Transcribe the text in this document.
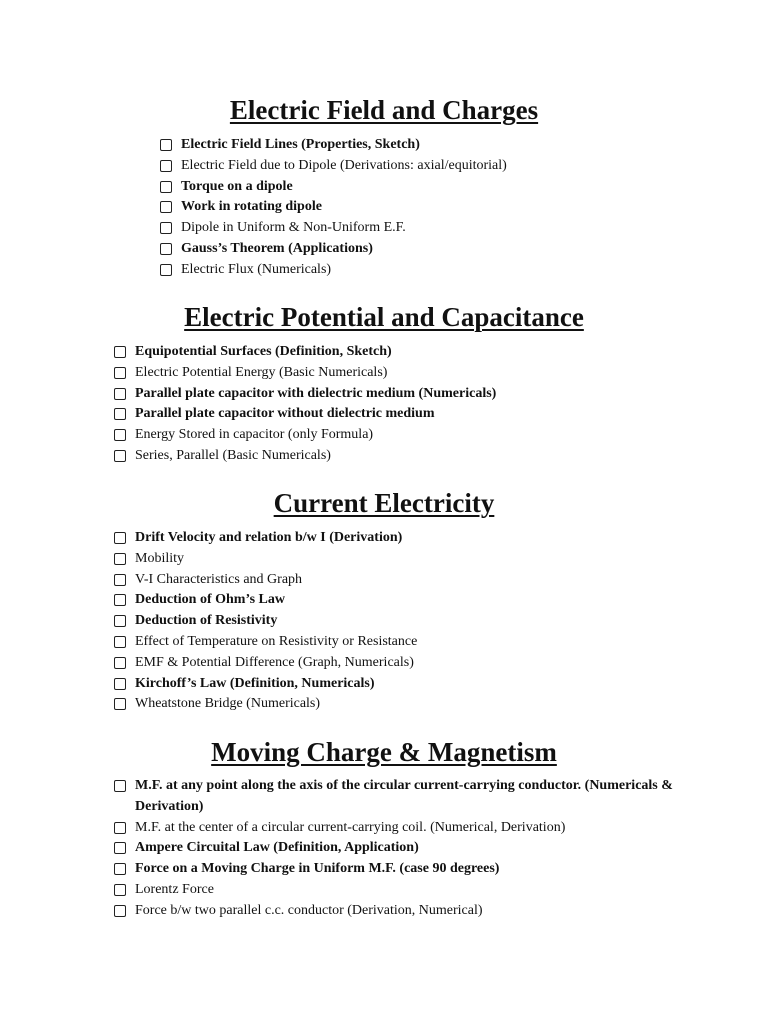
Electric Field and Charges
Electric Field Lines (Properties, Sketch)
Electric Field due to Dipole (Derivations: axial/equitorial)
Torque on a dipole
Work in rotating dipole
Dipole in Uniform & Non-Uniform E.F.
Gauss’s Theorem (Applications)
Electric Flux (Numericals)
Electric Potential and Capacitance
Equipotential Surfaces (Definition, Sketch)
Electric Potential Energy (Basic Numericals)
Parallel plate capacitor with dielectric medium (Numericals)
Parallel plate capacitor without dielectric medium
Energy Stored in capacitor (only Formula)
Series, Parallel (Basic Numericals)
Current Electricity
Drift Velocity and relation b/w I (Derivation)
Mobility
V-I Characteristics and Graph
Deduction of Ohm’s Law
Deduction of Resistivity
Effect of Temperature on Resistivity or Resistance
EMF & Potential Difference (Graph, Numericals)
Kirchoff’s Law (Definition, Numericals)
Wheatstone Bridge (Numericals)
Moving Charge & Magnetism
M.F. at any point along the axis of the circular current-carrying conductor. (Numericals & Derivation)
M.F. at the center of a circular current-carrying coil. (Numerical, Derivation)
Ampere Circuital Law (Definition, Application)
Force on a Moving Charge in Uniform M.F. (case 90 degrees)
Lorentz Force
Force b/w two parallel c.c. conductor (Derivation, Numerical)
